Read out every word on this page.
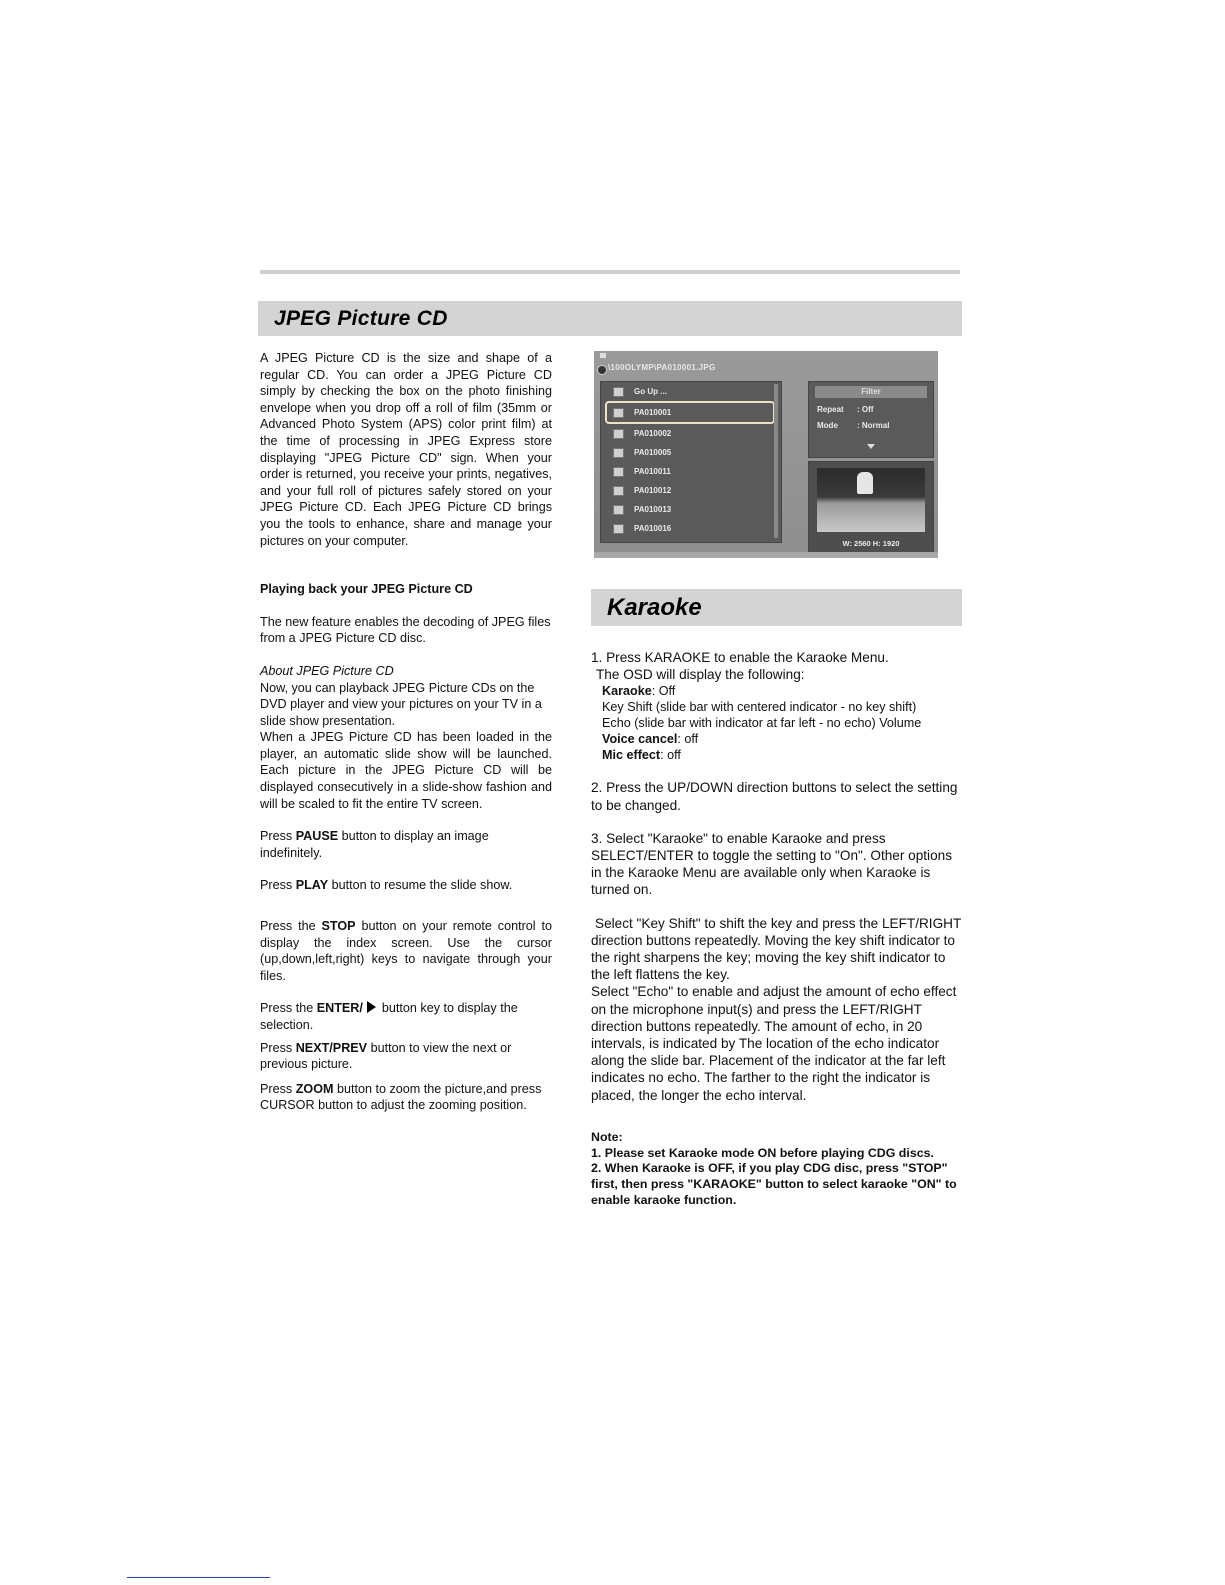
JPEG Picture CD

A JPEG Picture CD is the size and shape of a regular CD. You can order a JPEG Picture CD simply by checking the box on the photo finishing envelope when you drop off a roll of film (35mm or Advanced Photo System (APS) color print film) at the time of processing in JPEG Express store displaying "JPEG Picture CD" sign. When your order is returned, you receive your prints, negatives, and your full roll of pictures safely stored on your JPEG Picture CD. Each JPEG Picture CD brings you the tools to enhance, share and manage your pictures on your computer.

Playing back your JPEG Picture CD

The new feature enables the decoding of JPEG files from a JPEG Picture CD disc.

About JPEG Picture CD

Now, you can playback JPEG Picture CDs on the DVD player and view your pictures on your TV in a slide show presentation.

When a JPEG Picture CD has been loaded in the player, an automatic slide show will be launched. Each picture in the JPEG Picture CD will be displayed consecutively in a slide-show fashion and will be scaled to fit the entire TV screen.

Press PAUSE button to display an image indefinitely.

Press PLAY button to resume the slide show.

Press the STOP button on your remote control to display the index screen. Use the cursor (up,down,left,right) keys to navigate through your files.

Press the ENTER/ button key to display the selection.

Press NEXT/PREV button to view the next or previous picture.

Press ZOOM button to zoom the picture,and press CURSOR button to adjust the zooming position.

\100OLYMP\PA010001.JPG
Go Up ...
PA010001
PA010002
PA010005
PA010011
PA010012
PA010013
PA010016
Filter
Repeat : Off
Mode : Normal
W: 2560 H: 1920
Karaoke

1. Press KARAOKE to enable the Karaoke Menu.

The OSD will display the following:

Karaoke: Off

Key Shift (slide bar with centered indicator - no key shift)

Echo (slide bar with indicator at far left - no echo) Volume

Voice cancel: off

Mic effect: off

2. Press the UP/DOWN direction buttons to select the setting to be changed.

3. Select "Karaoke" to enable Karaoke and press SELECT/ENTER to toggle the setting to "On". Other options in the Karaoke Menu are available only when Karaoke is turned on.

Select "Key Shift" to shift the key and press the LEFT/RIGHT direction buttons repeatedly. Moving the key shift indicator to the right sharpens the key; moving the key shift indicator to the left flattens the key.

Select "Echo" to enable and adjust the amount of echo effect on the microphone input(s) and press the LEFT/RIGHT direction buttons repeatedly. The amount of echo, in 20 intervals, is indicated by The location of the echo indicator along the slide bar. Placement of the indicator at the far left indicates no echo. The farther to the right the indicator is placed, the longer the echo interval.

Note:

1. Please set Karaoke mode ON before playing CDG discs.

2. When Karaoke is OFF, if you play CDG disc, press "STOP" first, then press "KARAOKE" button to select karaoke "ON" to enable karaoke function.
